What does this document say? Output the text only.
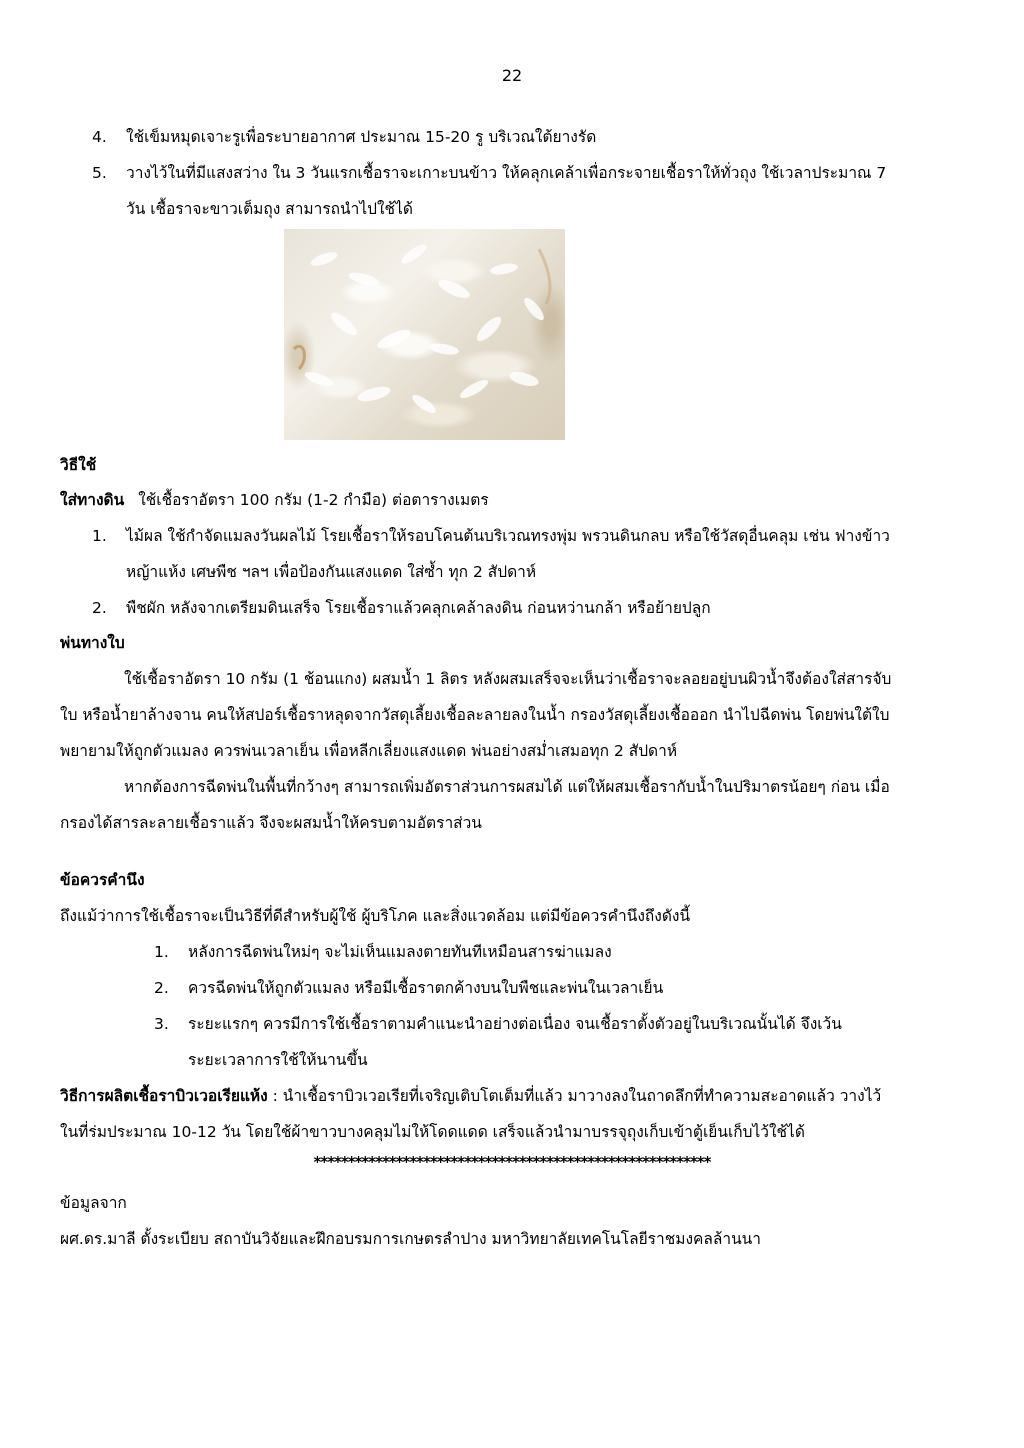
22
4. ใช้เข็มหมุดเจาะรูเพื่อระบายอากาศ ประมาณ 15-20 รู บริเวณใต้ยางรัด
5. วางไว้ในที่มีแสงสว่าง ใน 3 วันแรกเชื้อราจะเกาะบนข้าว ให้คลุกเคล้าเพื่อกระจายเชื้อราให้ทั่วถุง ใช้เวลาประมาณ 7
วัน เชื้อราจะขาวเต็มถุง สามารถนำไปใช้ได้
วิธีใช้
ใส่ทางดิน ใช้เชื้อราอัตรา 100 กรัม (1-2 กำมือ) ต่อตารางเมตร
1. ไม้ผล ใช้กำจัดแมลงวันผลไม้ โรยเชื้อราให้รอบโคนต้นบริเวณทรงพุ่ม พรวนดินกลบ หรือใช้วัสดุอื่นคลุม เช่น ฟางข้าว
หญ้าแห้ง เศษพืช ฯลฯ เพื่อป้องกันแสงแดด ใส่ซ้ำ ทุก 2 สัปดาห์
2. พืชผัก หลังจากเตรียมดินเสร็จ โรยเชื้อราแล้วคลุกเคล้าลงดิน ก่อนหว่านกล้า หรือย้ายปลูก
พ่นทางใบ
ใช้เชื้อราอัตรา 10 กรัม (1 ช้อนแกง) ผสมน้ำ 1 ลิตร หลังผสมเสร็จจะเห็นว่าเชื้อราจะลอยอยู่บนผิวน้ำจึงต้องใส่สารจับ
ใบ หรือน้ำยาล้างจาน คนให้สปอร์เชื้อราหลุดจากวัสดุเลี้ยงเชื้อละลายลงในน้ำ กรองวัสดุเลี้ยงเชื้อออก นำไปฉีดพ่น โดยพ่นใต้ใบ
พยายามให้ถูกตัวแมลง ควรพ่นเวลาเย็น เพื่อหลีกเลี่ยงแสงแดด พ่นอย่างสม่ำเสมอทุก 2 สัปดาห์
หากต้องการฉีดพ่นในพื้นที่กว้างๆ สามารถเพิ่มอัตราส่วนการผสมได้ แต่ให้ผสมเชื้อรากับน้ำในปริมาตรน้อยๆ ก่อน เมื่อ
กรองได้สารละลายเชื้อราแล้ว จึงจะผสมน้ำให้ครบตามอัตราส่วน
ข้อควรคำนึง
ถึงแม้ว่าการใช้เชื้อราจะเป็นวิธีที่ดีสำหรับผู้ใช้ ผู้บริโภค และสิ่งแวดล้อม แต่มีข้อควรคำนึงถึงดังนี้
1. หลังการฉีดพ่นใหม่ๆ จะไม่เห็นแมลงตายทันทีเหมือนสารฆ่าแมลง
2. ควรฉีดพ่นให้ถูกตัวแมลง หรือมีเชื้อราตกค้างบนใบพืชและพ่นในเวลาเย็น
3. ระยะแรกๆ ควรมีการใช้เชื้อราตามคำแนะนำอย่างต่อเนื่อง จนเชื้อราตั้งตัวอยู่ในบริเวณนั้นได้ จึงเว้น
ระยะเวลาการใช้ให้นานขึ้น
วิธีการผลิตเชื้อราบิวเวอเรียแห้ง : นำเชื้อราบิวเวอเรียที่เจริญเติบโตเต็มที่แล้ว มาวางลงในถาดลึกที่ทำความสะอาดแล้ว วางไว้
ในที่ร่มประมาณ 10-12 วัน โดยใช้ผ้าขาวบางคลุมไม่ให้โดดแดด เสร็จแล้วนำมาบรรจุถุงเก็บเข้าตู้เย็นเก็บไว้ใช้ได้
**********************************************************
ข้อมูลจาก
ผศ.ดร.มาลี ตั้งระเบียบ สถาบันวิจัยและฝึกอบรมการเกษตรลำปาง มหาวิทยาลัยเทคโนโลยีราชมงคลล้านนา
